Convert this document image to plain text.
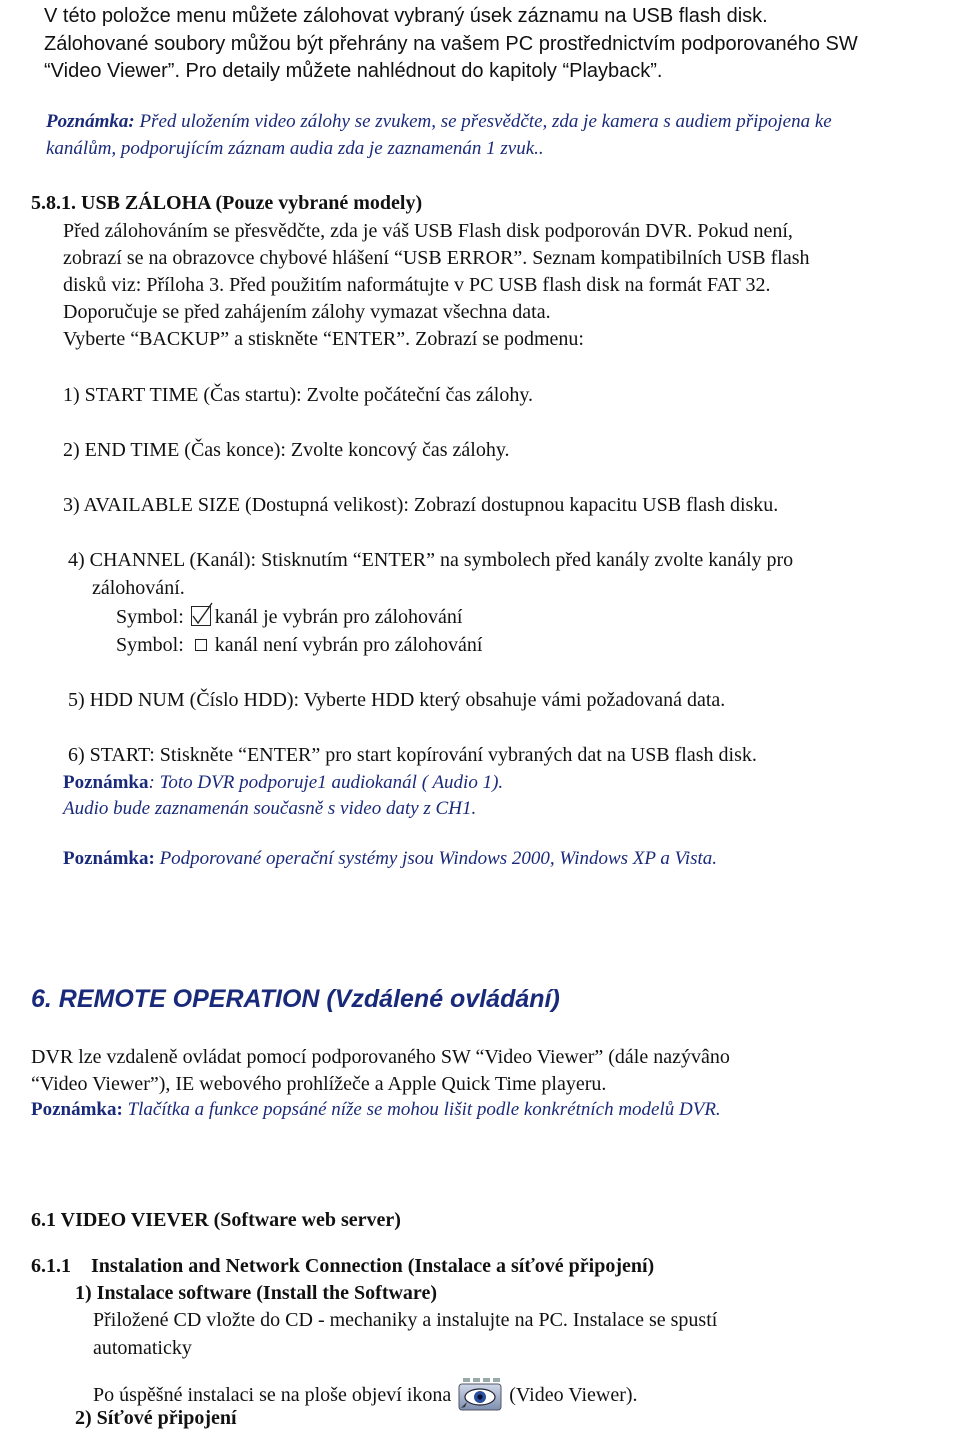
V této položce menu můžete zálohovat vybraný úsek záznamu na USB flash disk.
Zálohované soubory můžou být přehrány na vašem PC prostřednictvím podporovaného SW
“Video Viewer”. Pro detaily můžete nahlédnout do kapitoly “Playback”.
Poznámka: Před uložením video zálohy se zvukem, se přesvědčte, zda je kamera s audiem připojena ke
kanálům, podporujícím záznam audia zda je zaznamenán 1 zvuk..
5.8.1. USB ZÁLOHA (Pouze vybrané modely)
Před zálohováním se přesvědčte, zda je váš USB Flash disk podporován DVR. Pokud není,
zobrazí se na obrazovce chybové hlášení “USB ERROR”. Seznam kompatibilních USB flash
disků viz: Příloha 3. Před použitím naformátujte v PC USB flash disk na formát FAT 32.
Doporučuje se před zahájením zálohy vymazat všechna data.
Vyberte “BACKUP” a stiskněte “ENTER”. Zobrazí se podmenu:
1) START TIME (Čas startu): Zvolte počáteční čas zálohy.
2) END TIME (Čas konce): Zvolte koncový čas zálohy.
3) AVAILABLE SIZE (Dostupná velikost): Zobrazí dostupnou kapacitu USB flash disku.
4) CHANNEL (Kanál): Stisknutím “ENTER” na symbolech před kanály zvolte kanály pro
zálohování.
Symbol:
kanál je vybrán pro zálohování
Symbol: kanál není vybrán pro zálohování
5) HDD NUM (Číslo HDD): Vyberte HDD který obsahuje vámi požadovaná data.
6) START: Stiskněte “ENTER” pro start kopírování vybraných dat na USB flash disk.
Poznámka: Toto DVR podporuje1 audiokanál ( Audio 1).
Audio bude zaznamenán současně s video daty z CH1.
Poznámka: Podporované operační systémy jsou Windows 2000, Windows XP a Vista.
6. REMOTE OPERATION (Vzdálené ovládání)
DVR lze vzdaleně ovládat pomocí podporovaného SW “Video Viewer” (dále nazývâno
“Video Viewer”), IE webového prohlížeče a Apple Quick Time playeru.
Poznámka: Tlačítka a funkce popsáné níže se mohou lišit podle konkrétních modelů DVR.
6.1 VIDEO VIEVER (Software web server)
6.1.1    Instalation and Network Connection (Instalace a síťové připojení)
1) Instalace software (Install the Software)
Přiložené CD vložte do CD - mechaniky a instalujte na PC. Instalace se spustí
automaticky
Po úspěšné instalaci se na ploše objeví ikona	(Video Viewer).
2) Síťové připojení
